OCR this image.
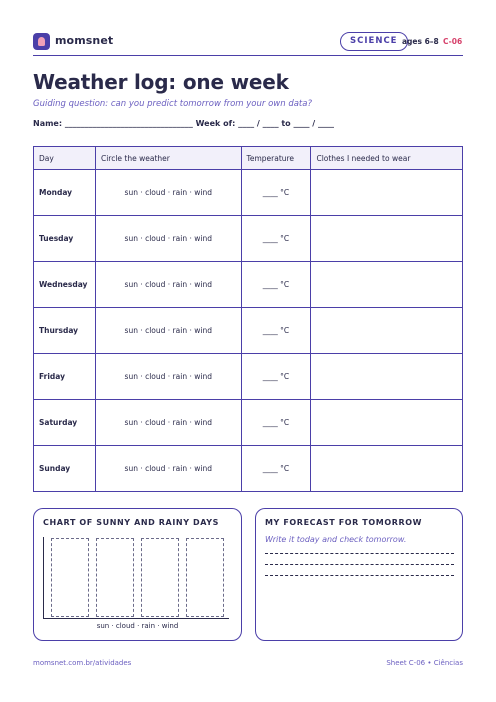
momsnet	SCIENCE ages 6–8 C-06
Weather log: one week
Guiding question: can you predict tomorrow from your own data?
Name: ________________________________ Week of: ____ / ____ to ____ / ____
Day	Circle the weather	Temperature	Clothes I needed to wear
Monday	sun · cloud · rain · wind	____ °C	
Tuesday	sun · cloud · rain · wind	____ °C	
Wednesday	sun · cloud · rain · wind	____ °C	
Thursday	sun · cloud · rain · wind	____ °C	
Friday	sun · cloud · rain · wind	____ °C	
Saturday	sun · cloud · rain · wind	____ °C	
Sunday	sun · cloud · rain · wind	____ °C	
CHART OF SUNNY AND RAINY DAYS
sun · cloud · rain · wind
MY FORECAST FOR TOMORROW
Write it today and check tomorrow.
momsnet.com.br/atividades	Sheet C-06 • Ciências
